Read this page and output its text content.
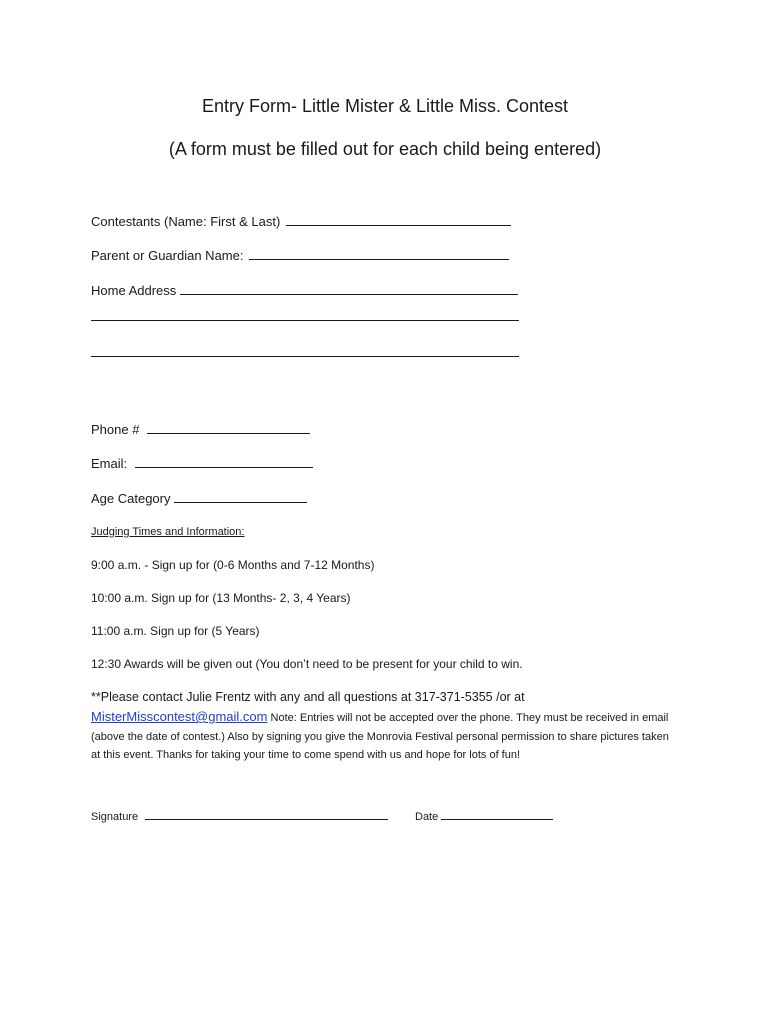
Entry Form- Little Mister & Little Miss. Contest
(A form must be filled out for each child being entered)
Contestants (Name: First & Last)
Parent or Guardian Name:
Home Address
Phone #
Email:
Age Category
Judging Times and Information:
9:00 a.m. - Sign up for (0-6 Months and 7-12 Months)
10:00 a.m. Sign up for (13 Months- 2, 3, 4 Years)
11:00 a.m. Sign up for (5 Years)
12:30 Awards will be given out (You don’t need to be present for your child to win.
**Please contact Julie Frentz with any and all questions at 317-371-5355 /or at
MisterMisscontest@gmail.com Note: Entries will not be accepted over the phone. They must be received in email (above the date of contest.) Also by signing you give the Monrovia Festival personal permission to share pictures taken at this event. Thanks for taking your time to come spend with us and hope for lots of fun!
Signature	Date
